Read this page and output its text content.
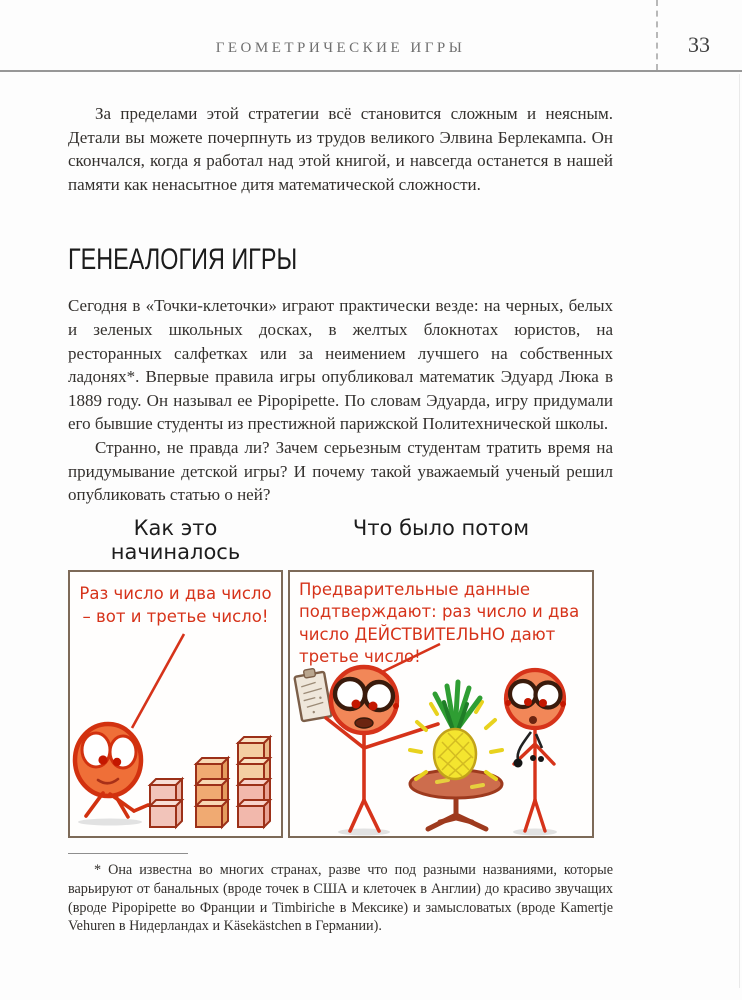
ГЕОМЕТРИЧЕСКИЕ ИГРЫ	33

За пределами этой стратегии всё становится сложным и неясным. Детали вы можете почерпнуть из трудов великого Элвина Берлекампа. Он скончался, когда я работал над этой книгой, и навсегда останется в нашей памяти как ненасытное дитя математической сложности.

ГЕНЕАЛОГИЯ ИГРЫ

Сегодня в «Точки-клеточки» играют практически везде: на черных, белых и зеленых школьных досках, в желтых блокнотах юристов, на ресторанных салфетках или за неимением лучшего на собственных ладонях*. Впервые правила игры опубликовал математик Эдуард Люка в 1889 году. Он называл ее Pipopipette. По словам Эдуарда, игру придумали его бывшие студенты из престижной парижской Политехнической школы.

Странно, не правда ли? Зачем серьезным студентам тратить время на придумывание детской игры? И почему такой уважаемый ученый решил опубликовать статью о ней?

Как это начиналось
Что было потом
Раз число и два число – вот и третье число!
Предварительные данные подтверждают: раз число и два число ДЕЙСТВИТЕЛЬНО дают третье число!

* Она известна во многих странах, разве что под разными названиями, которые варьируют от банальных (вроде точек в США и клеточек в Англии) до красиво звучащих (вроде Pipopipette во Франции и Timbiriche в Мексике) и замысловатых (вроде Kamertje Vehuren в Нидерландах и Käsekästchen в Германии).
